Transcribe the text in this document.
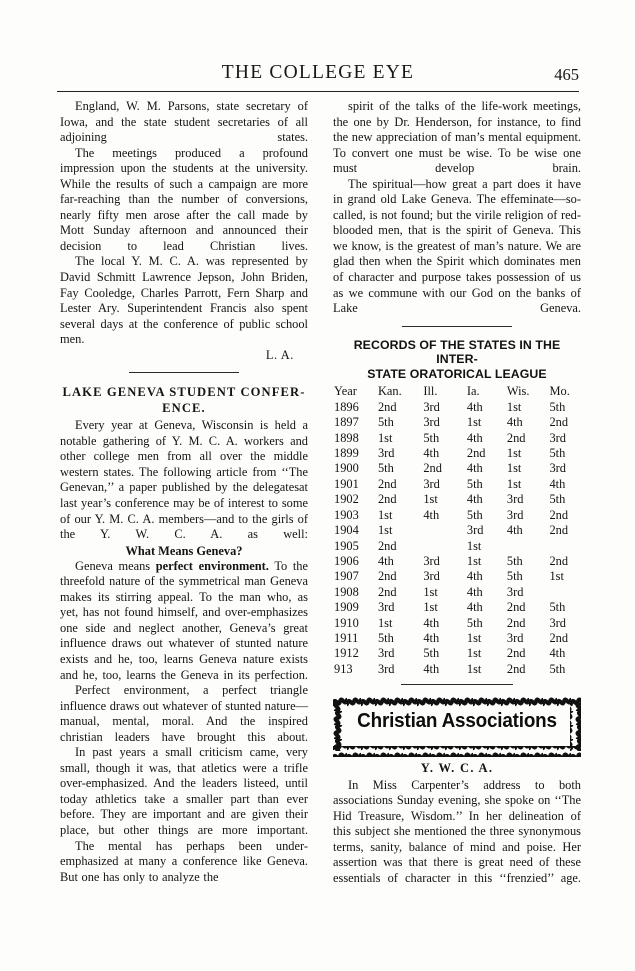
THE COLLEGE EYE	465

England, W. M. Parsons, state secretary of Iowa, and the state student secretaries of all adjoining states.

The meetings produced a profound impression upon the students at the university. While the results of such a campaign are more far-reaching than the number of conversions, nearly fifty men arose after the call made by Mott Sunday afternoon and announced their decision to lead Christian lives.

The local Y. M. C. A. was represented by David Schmitt Lawrence Jepson, John Briden, Fay Cooledge, Charles Parrott, Fern Sharp and Lester Ary. Superintendent Francis also spent several days at the conference of public school men.

L. A.

LAKE GENEVA STUDENT CONFER-
ENCE.

Every year at Geneva, Wisconsin is held a notable gathering of Y. M. C. A. workers and other college men from all over the middle western states. The following article from ‘‘The Genevan,’’ a paper published by the delegatesat last year’s conference may be of interest to some of our Y. M. C. A. members—and to the girls of the Y. W. C. A. as well:

What Means Geneva?

Geneva means perfect environment. To the threefold nature of the symmetrical man Geneva makes its stirring appeal. To the man who, as yet, has not found himself, and over-emphasizes one side and neglect another, Geneva’s great influence draws out whatever of stunted nature exists and he, too, learns Geneva nature exists and he, too, learns the Geneva in its perfection.

Perfect environment, a perfect triangle influence draws out whatever of stunted nature—manual, mental, moral. And the inspired christian leaders have brought this about.

In past years a small criticism came, very small, though it was, that atletics were a trifle over-emphasized. And the leaders listeed, until today athletics take a smaller part than ever before. They are important and are given their place, but other things are more important.

The mental has perhaps been under-emphasized at many a conference like Geneva. But one has only to analyze the

spirit of the talks of the life-work meetings, the one by Dr. Henderson, for instance, to find the new appreciation of man’s mental equipment. To convert one must be wise. To be wise one must develop brain.

The spiritual—how great a part does it have in grand old Lake Geneva. The effeminate—so-called, is not found; but the virile religion of red-blooded men, that is the spirit of Geneva. This we know, is the greatest of man’s nature. We are glad then when the Spirit which dominates men of character and purpose takes possession of us as we commune with our God on the banks of Lake Geneva.

RECORDS OF THE STATES IN THE INTER-
STATE ORATORICAL LEAGUE

Year	Kan.	Ill.	Ia.	Wis.	Mo.
1896	2nd	3rd	4th	1st	5th
1897	5th	3rd	1st	4th	2nd
1898	1st	5th	4th	2nd	3rd
1899	3rd	4th	2nd	1st	5th
1900	5th	2nd	4th	1st	3rd
1901	2nd	3rd	5th	1st	4th
1902	2nd	1st	4th	3rd	5th
1903	1st	4th	5th	3rd	2nd
1904	1st		3rd	4th	2nd
1905	2nd		1st		
1906	4th	3rd	1st	5th	2nd
1907	2nd	3rd	4th	5th	1st
1908	2nd	1st	4th	3rd	
1909	3rd	1st	4th	2nd	5th
1910	1st	4th	5th	2nd	3rd
1911	5th	4th	1st	3rd	2nd
1912	3rd	5th	1st	2nd	4th
913	3rd	4th	1st	2nd	5th
Christian Associations

Y. W. C. A.

In Miss Carpenter’s address to both associations Sunday evening, she spoke on ‘‘The Hid Treasure, Wisdom.’’ In her delineation of this subject she mentioned the three synonymous terms, sanity, balance of mind and poise. Her assertion was that there is great need of these essentials of character in this ‘‘frenzied’’ age.
